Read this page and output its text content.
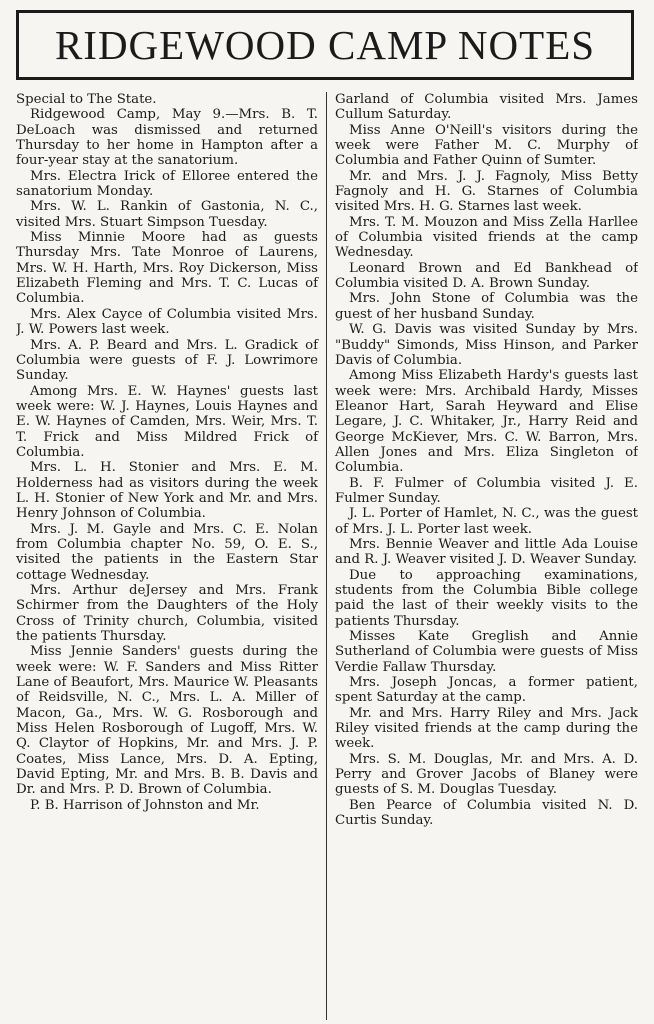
RIDGEWOOD CAMP NOTES

Special to The State.

Ridgewood Camp, May 9.—Mrs. B. T. DeLoach was dismissed and returned Thursday to her home in Hampton after a four-year stay at the sanatorium.

Mrs. Electra Irick of Elloree entered the sanatorium Monday.

Mrs. W. L. Rankin of Gastonia, N. C., visited Mrs. Stuart Simpson Tuesday.

Miss Minnie Moore had as guests Thursday Mrs. Tate Monroe of Laurens, Mrs. W. H. Harth, Mrs. Roy Dickerson, Miss Elizabeth Fleming and Mrs. T. C. Lucas of Columbia.

Mrs. Alex Cayce of Columbia visited Mrs. J. W. Powers last week.

Mrs. A. P. Beard and Mrs. L. Gradick of Columbia were guests of F. J. Lowrimore Sunday.

Among Mrs. E. W. Haynes' guests last week were: W. J. Haynes, Louis Haynes and E. W. Haynes of Camden, Mrs. Weir, Mrs. T. T. Frick and Miss Mildred Frick of Columbia.

Mrs. L. H. Stonier and Mrs. E. M. Holderness had as visitors during the week L. H. Stonier of New York and Mr. and Mrs. Henry Johnson of Columbia.

Mrs. J. M. Gayle and Mrs. C. E. Nolan from Columbia chapter No. 59, O. E. S., visited the patients in the Eastern Star cottage Wednesday.

Mrs. Arthur deJersey and Mrs. Frank Schirmer from the Daughters of the Holy Cross of Trinity church, Columbia, visited the patients Thursday.

Miss Jennie Sanders' guests during the week were: W. F. Sanders and Miss Ritter Lane of Beaufort, Mrs. Maurice W. Pleasants of Reidsville, N. C., Mrs. L. A. Miller of Macon, Ga., Mrs. W. G. Rosborough and Miss Helen Rosborough of Lugoff, Mrs. W. Q. Claytor of Hopkins, Mr. and Mrs. J. P. Coates, Miss Lance, Mrs. D. A. Epting, David Epting, Mr. and Mrs. B. B. Davis and Dr. and Mrs. P. D. Brown of Columbia.

P. B. Harrison of Johnston and Mr.

Garland of Columbia visited Mrs. James Cullum Saturday.

Miss Anne O'Neill's visitors during the week were Father M. C. Murphy of Columbia and Father Quinn of Sumter.

Mr. and Mrs. J. J. Fagnoly, Miss Betty Fagnoly and H. G. Starnes of Columbia visited Mrs. H. G. Starnes last week.

Mrs. T. M. Mouzon and Miss Zella Harllee of Columbia visited friends at the camp Wednesday.

Leonard Brown and Ed Bankhead of Columbia visited D. A. Brown Sunday.

Mrs. John Stone of Columbia was the guest of her husband Sunday.

W. G. Davis was visited Sunday by Mrs. "Buddy" Simonds, Miss Hinson, and Parker Davis of Columbia.

Among Miss Elizabeth Hardy's guests last week were: Mrs. Archibald Hardy, Misses Eleanor Hart, Sarah Heyward and Elise Legare, J. C. Whitaker, Jr., Harry Reid and George McKiever, Mrs. C. W. Barron, Mrs. Allen Jones and Mrs. Eliza Singleton of Columbia.

B. F. Fulmer of Columbia visited J. E. Fulmer Sunday.

J. L. Porter of Hamlet, N. C., was the guest of Mrs. J. L. Porter last week.

Mrs. Bennie Weaver and little Ada Louise and R. J. Weaver visited J. D. Weaver Sunday.

Due to approaching examinations, students from the Columbia Bible college paid the last of their weekly visits to the patients Thursday.

Misses Kate Greglish and Annie Sutherland of Columbia were guests of Miss Verdie Fallaw Thursday.

Mrs. Joseph Joncas, a former patient, spent Saturday at the camp.

Mr. and Mrs. Harry Riley and Mrs. Jack Riley visited friends at the camp during the week.

Mrs. S. M. Douglas, Mr. and Mrs. A. D. Perry and Grover Jacobs of Blaney were guests of S. M. Douglas Tuesday.

Ben Pearce of Columbia visited N. D. Curtis Sunday.
